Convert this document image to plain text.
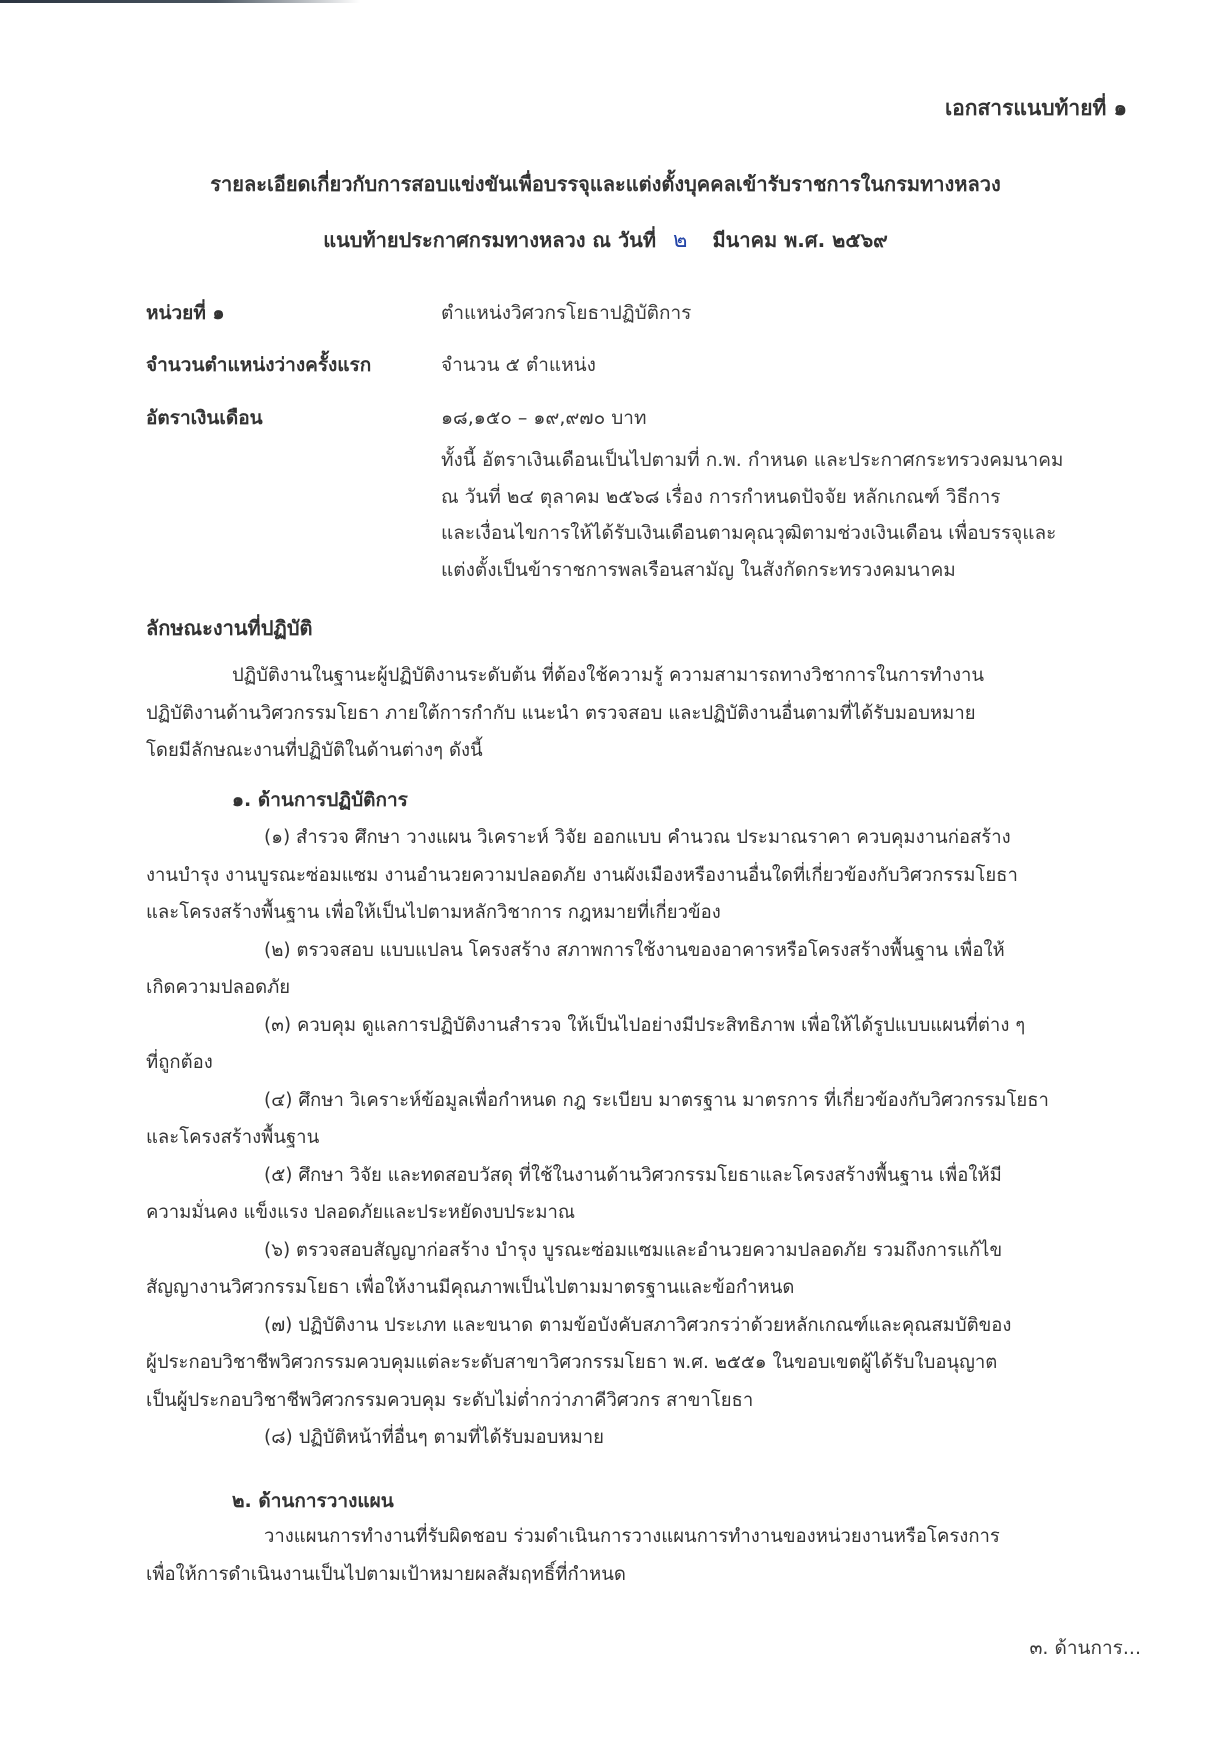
เอกสารแนบท้ายที่ ๑
รายละเอียดเกี่ยวกับการสอบแข่งขันเพื่อบรรจุและแต่งตั้งบุคคลเข้ารับราชการในกรมทางหลวง
แนบท้ายประกาศกรมทางหลวง ณ วันที่ ๒ มีนาคม พ.ศ. ๒๕๖๙
หน่วยที่ ๑	ตำแหน่งวิศวกรโยธาปฏิบัติการ
จำนวนตำแหน่งว่างครั้งแรก	จำนวน ๕ ตำแหน่ง
อัตราเงินเดือน	๑๘,๑๕๐ – ๑๙,๙๗๐ บาท
ทั้งนี้ อัตราเงินเดือนเป็นไปตามที่ ก.พ. กำหนด และประกาศกระทรวงคมนาคม
ณ วันที่ ๒๔ ตุลาคม ๒๕๖๘ เรื่อง การกำหนดปัจจัย หลักเกณฑ์ วิธีการ
และเงื่อนไขการให้ได้รับเงินเดือนตามคุณวุฒิตามช่วงเงินเดือน เพื่อบรรจุและ
แต่งตั้งเป็นข้าราชการพลเรือนสามัญ ในสังกัดกระทรวงคมนาคม
ลักษณะงานที่ปฏิบัติ
ปฏิบัติงานในฐานะผู้ปฏิบัติงานระดับต้น ที่ต้องใช้ความรู้ ความสามารถทางวิชาการในการทำงาน
ปฏิบัติงานด้านวิศวกรรมโยธา ภายใต้การกำกับ แนะนำ ตรวจสอบ และปฏิบัติงานอื่นตามที่ได้รับมอบหมาย
โดยมีลักษณะงานที่ปฏิบัติในด้านต่างๆ ดังนี้
๑. ด้านการปฏิบัติการ
(๑) สำรวจ ศึกษา วางแผน วิเคราะห์ วิจัย ออกแบบ คำนวณ ประมาณราคา ควบคุมงานก่อสร้าง
งานบำรุง งานบูรณะซ่อมแซม งานอำนวยความปลอดภัย งานผังเมืองหรืองานอื่นใดที่เกี่ยวข้องกับวิศวกรรมโยธา
และโครงสร้างพื้นฐาน เพื่อให้เป็นไปตามหลักวิชาการ กฎหมายที่เกี่ยวข้อง
(๒) ตรวจสอบ แบบแปลน โครงสร้าง สภาพการใช้งานของอาคารหรือโครงสร้างพื้นฐาน เพื่อให้
เกิดความปลอดภัย
(๓) ควบคุม ดูแลการปฏิบัติงานสำรวจ ให้เป็นไปอย่างมีประสิทธิภาพ เพื่อให้ได้รูปแบบแผนที่ต่าง ๆ
ที่ถูกต้อง
(๔) ศึกษา วิเคราะห์ข้อมูลเพื่อกำหนด กฎ ระเบียบ มาตรฐาน มาตรการ ที่เกี่ยวข้องกับวิศวกรรมโยธา
และโครงสร้างพื้นฐาน
(๕) ศึกษา วิจัย และทดสอบวัสดุ ที่ใช้ในงานด้านวิศวกรรมโยธาและโครงสร้างพื้นฐาน เพื่อให้มี
ความมั่นคง แข็งแรง ปลอดภัยและประหยัดงบประมาณ
(๖) ตรวจสอบสัญญาก่อสร้าง บำรุง บูรณะซ่อมแซมและอำนวยความปลอดภัย รวมถึงการแก้ไข
สัญญางานวิศวกรรมโยธา เพื่อให้งานมีคุณภาพเป็นไปตามมาตรฐานและข้อกำหนด
(๗) ปฏิบัติงาน ประเภท และขนาด ตามข้อบังคับสภาวิศวกรว่าด้วยหลักเกณฑ์และคุณสมบัติของ
ผู้ประกอบวิชาชีพวิศวกรรมควบคุมแต่ละระดับสาขาวิศวกรรมโยธา พ.ศ. ๒๕๕๑ ในขอบเขตผู้ได้รับใบอนุญาต
เป็นผู้ประกอบวิชาชีพวิศวกรรมควบคุม ระดับไม่ต่ำกว่าภาคีวิศวกร สาขาโยธา
(๘) ปฏิบัติหน้าที่อื่นๆ ตามที่ได้รับมอบหมาย
๒. ด้านการวางแผน
วางแผนการทำงานที่รับผิดชอบ ร่วมดำเนินการวางแผนการทำงานของหน่วยงานหรือโครงการ
เพื่อให้การดำเนินงานเป็นไปตามเป้าหมายผลสัมฤทธิ์ที่กำหนด
๓. ด้านการ...
